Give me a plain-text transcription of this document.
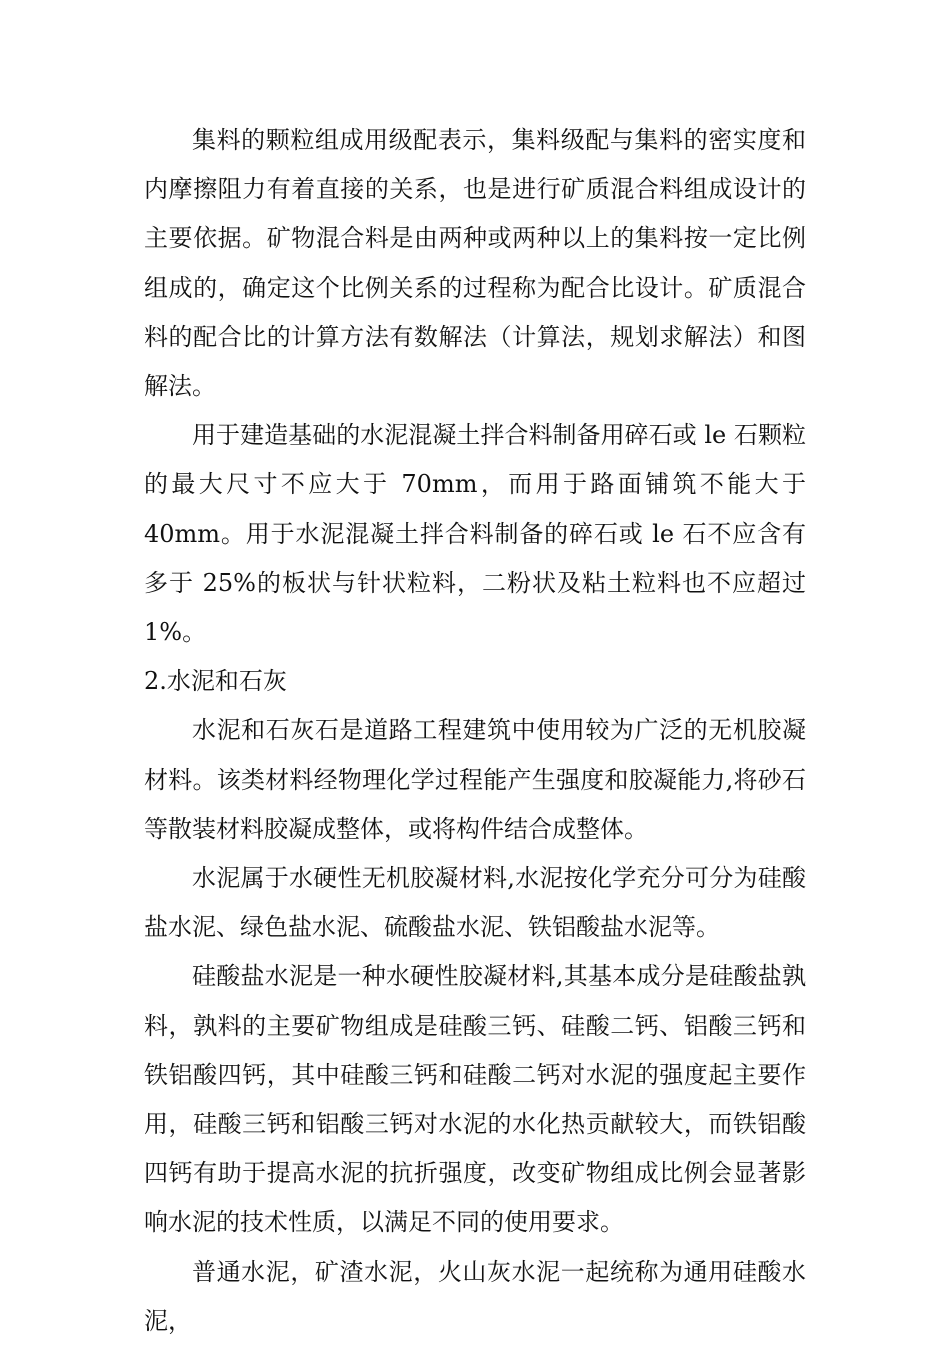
集料的颗粒组成用级配表示，集料级配与集料的密实度和内摩擦阻力有着直接的关系，也是进行矿质混合料组成设计的主要依据。矿物混合料是由两种或两种以上的集料按一定比例组成的，确定这个比例关系的过程称为配合比设计。矿质混合料的配合比的计算方法有数解法（计算法，规划求解法）和图解法。

用于建造基础的水泥混凝土拌合料制备用碎石或 le 石颗粒的最大尺寸不应大于 70mm，而用于路面铺筑不能大于 40mm。用于水泥混凝土拌合料制备的碎石或 le 石不应含有多于 25%的板状与针状粒料，二粉状及粘土粒料也不应超过 1%。

2.水泥和石灰

水泥和石灰石是道路工程建筑中使用较为广泛的无机胶凝材料。该类材料经物理化学过程能产生强度和胶凝能力,将砂石等散装材料胶凝成整体，或将构件结合成整体。

水泥属于水硬性无机胶凝材料,水泥按化学充分可分为硅酸盐水泥、绿色盐水泥、硫酸盐水泥、铁铝酸盐水泥等。

硅酸盐水泥是一种水硬性胶凝材料,其基本成分是硅酸盐孰料，孰料的主要矿物组成是硅酸三钙、硅酸二钙、铝酸三钙和铁铝酸四钙，其中硅酸三钙和硅酸二钙对水泥的强度起主要作用，硅酸三钙和铝酸三钙对水泥的水化热贡献较大，而铁铝酸四钙有助于提高水泥的抗折强度，改变矿物组成比例会显著影响水泥的技术性质，以满足不同的使用要求。

普通水泥，矿渣水泥，火山灰水泥一起统称为通用硅酸水泥，
